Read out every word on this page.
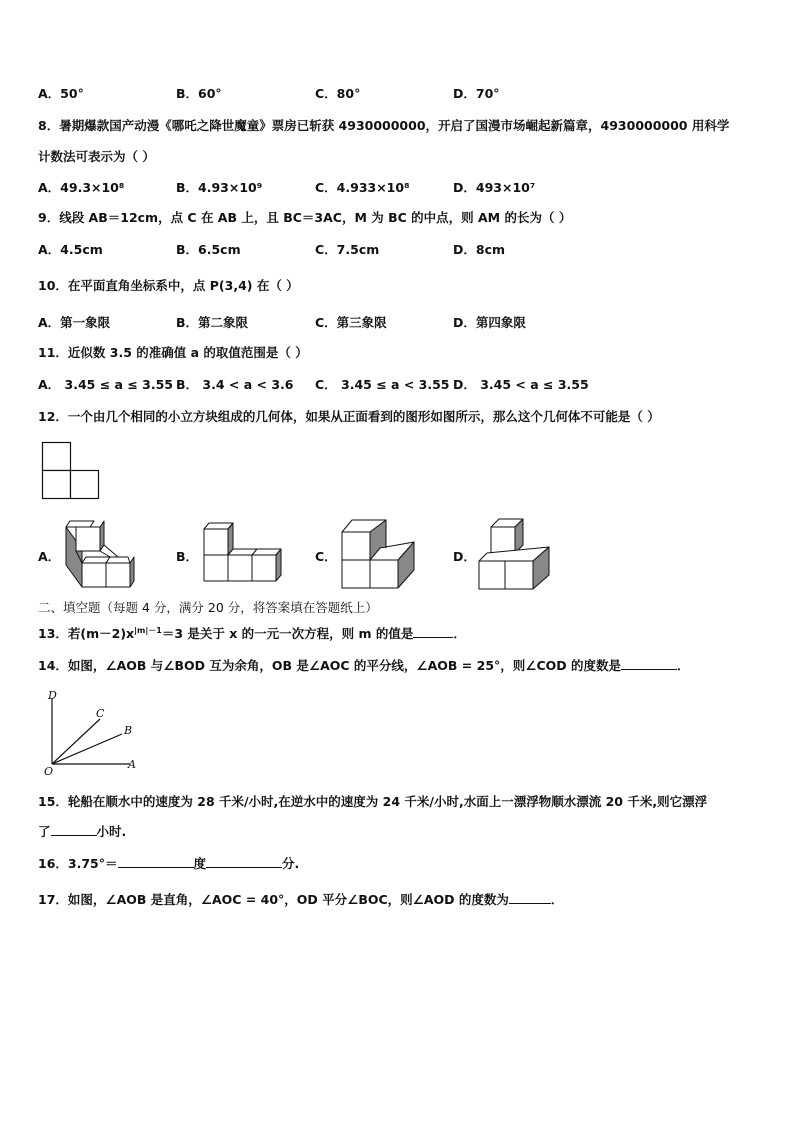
A．50°	B．60°	C．80°	D．70°
8．暑期爆款国产动漫《哪吒之降世魔童》票房已斩获 4930000000，开启了国漫市场崛起新篇章，4930000000 用科学
计数法可表示为（ ）
A．49.3×10⁸	B．4.93×10⁹	C．4.933×10⁸	D．493×10⁷
9．线段 AB＝12cm，点 C 在 AB 上，且 BC＝3AC，M 为 BC 的中点，则 AM 的长为（ ）
A．4.5cm	B．6.5cm	C．7.5cm	D．8cm
10．在平面直角坐标系中，点 P(3,4) 在（ ）
A．第一象限	B．第二象限	C．第三象限	D．第四象限
11．近似数 3.5 的准确值 a 的取值范围是（ ）
A． 3.45 ≤ a ≤ 3.55 B． 3.4 < a < 3.6 C． 3.45 ≤ a < 3.55 D． 3.45 < a ≤ 3.55
12．一个由几个相同的小立方块组成的几何体，如果从正面看到的图形如图所示，那么这个几何体不可能是（ ）
A．	B．	C．	D．
二、填空题（每题 4 分，满分 20 分，将答案填在答题纸上）
13．若$(m-2)x^{|m|-1}=3$ 是关于 x 的一元一次方程，则 m 的值是	．
14．如图，∠AOB 与∠BOD 互为余角，OB 是∠AOC 的平分线，∠AOB = 25°，则∠COD 的度数是	．
D
C
B
O
A
15．轮船在顺水中的速度为 28 千米/小时,在逆水中的速度为 24 千米/小时,水面上一漂浮物顺水漂流 20 千米,则它漂浮
了	小时.
16．3.75°＝	度	分.
17．如图，∠AOB 是直角，∠AOC = 40°，OD 平分∠BOC，则∠AOD 的度数为	．
